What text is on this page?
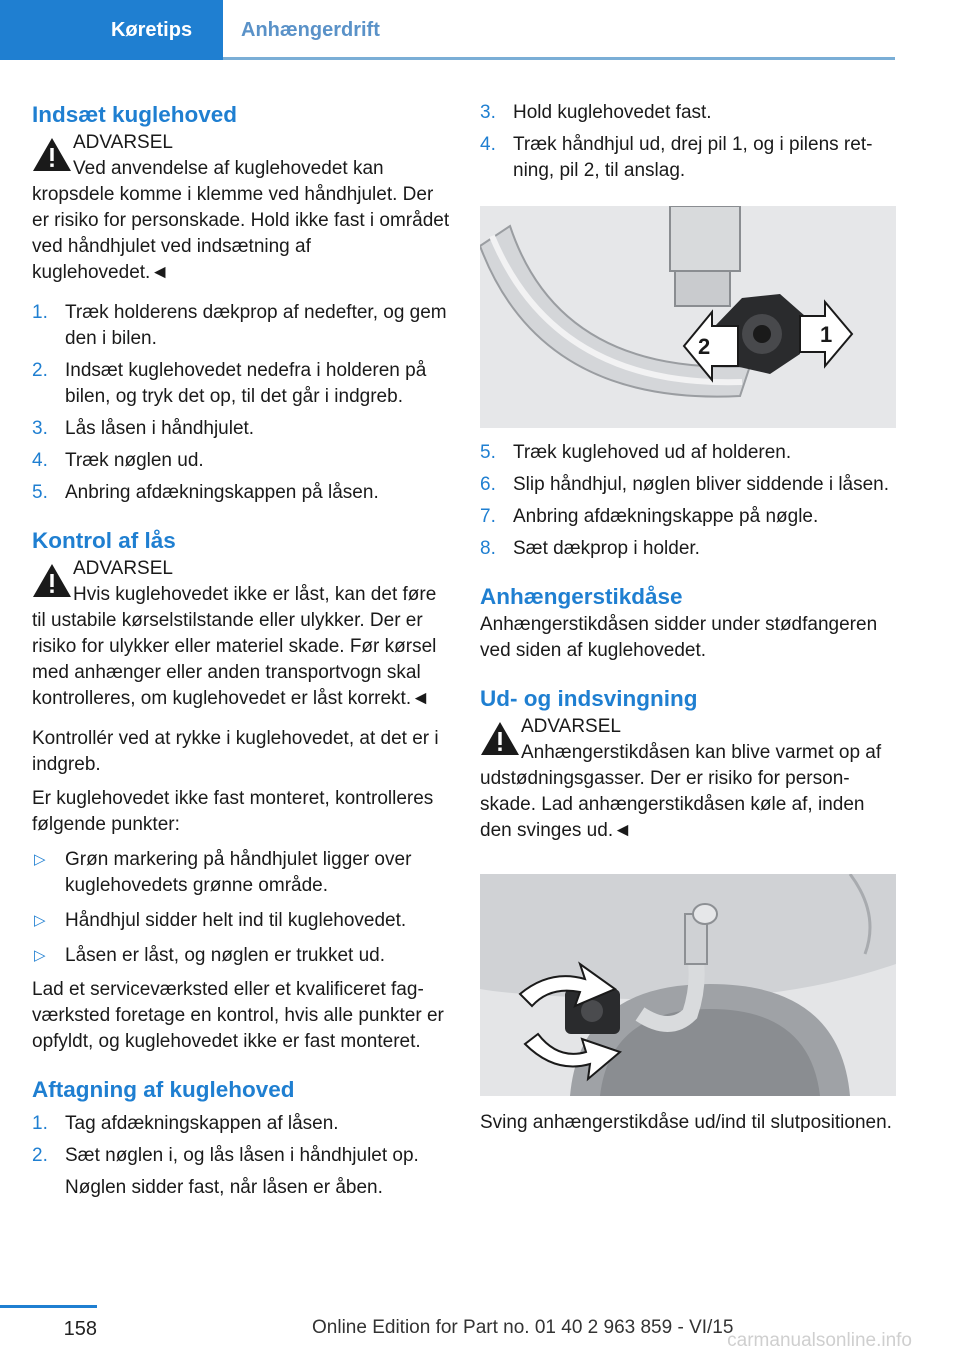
Køretips	Anhængerdrift
Indsæt kuglehoved

ADVARSEL

Ved anvendelse af kuglehovedet kan kropsdele komme i klemme ved håndhjulet. Der er risiko for personskade. Hold ikke fast i området ved håndhjulet ved indsætning af kuglehovedet.◄

1. Træk holderens dækprop af nedefter, og gem den i bilen.
2. Indsæt kuglehovedet nedefra i holderen på bilen, og tryk det op, til det går i indgreb.
3. Lås låsen i håndhjulet.
4. Træk nøglen ud.
5. Anbring afdækningskappen på låsen.
Kontrol af lås

ADVARSEL

Hvis kuglehovedet ikke er låst, kan det føre til ustabile kørselstilstande eller ulykker. Der er risiko for ulykker eller materiel skade. Før kørsel med anhænger eller anden transportvogn skal kontrolleres, om kuglehovedet er låst korrekt.◄

Kontrollér ved at rykke i kuglehovedet, at det er i indgreb.

Er kuglehovedet ikke fast monteret, kontrolleres følgende punkter:

▷ Grøn markering på håndhjulet ligger over kuglehovedets grønne område.
▷ Håndhjul sidder helt ind til kuglehovedet.
▷ Låsen er låst, og nøglen er trukket ud.

Lad et serviceværksted eller et kvalificeret fagværksted foretage en kontrol, hvis alle punkter er opfyldt, og kuglehovedet ikke er fast monteret.

Aftagning af kuglehoved
1. Tag afdækningskappen af låsen.
2. Sæt nøglen i, og lås låsen i håndhjulet op.

Nøglen sidder fast, når låsen er åben.

3. Hold kuglehovedet fast.
4. Træk håndhjul ud, drej pil 1, og i pilens retning, pil 2, til anslag.
1
2
5. Træk kuglehoved ud af holderen.
6. Slip håndhjul, nøglen bliver siddende i låsen.
7. Anbring afdækningskappe på nøgle.
8. Sæt dækprop i holder.
Anhængerstikdåse

Anhængerstikdåsen sidder under stødfangeren ved siden af kuglehovedet.

Ud- og indsvingning

ADVARSEL

Anhængerstikdåsen kan blive varmet op af udstødningsgasser. Der er risiko for personskade. Lad anhængerstikdåsen køle af, inden den svinges ud.◄

Sving anhængerstikdåse ud/ind til slutpositionen.

158	Online Edition for Part no. 01 40 2 963 859 - VI/15
carmanualsonline.info
